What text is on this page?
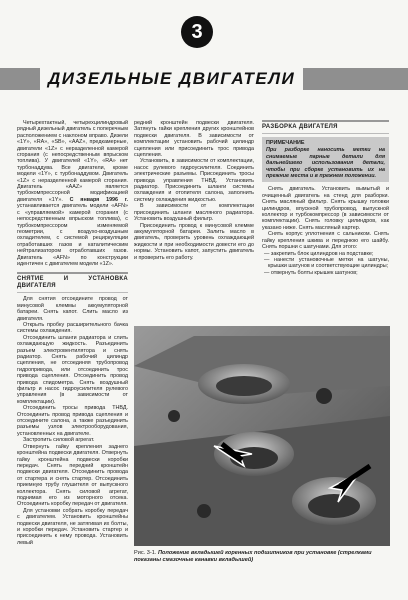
3
ДИЗЕЛЬНЫЕ ДВИГАТЕЛИ

Четырехтактный, четырехцилиндровый рядный дизельный двигатель с поперечным расположением с наклоном вправо. Дизели «1Y», «RA», «SB», «AAZ», предкамерные, двигатели «1Z» с неразделенной камерой сгорания (с непосредственным впрыском топлива). У двигателей «1Y», «RA» нет турбонаддува. Все двигатели, кроме модели «1Y», с турбонаддувом. Двигатель «1Z» с неразделенной камерой сгорания. Двигатель «AAZ» является турбокомпрессорной модификацией двигателя «1Y». С января 1996 г. устанавливается двигатель модели «AFN» с «управляемой» камерой сгорания (с непосредственным впрыском топлива), с турбокомпрессором изменяемой геометрии, с воздухо-воздушным охладителем, с системой рециркуляции отработавших газов и каталитическим нейтрализатором отработавших газов. Двигатель «AFN» по конструкции идентичен с двигателем модели «1Z».

СНЯТИЕ И УСТАНОВКА ДВИГАТЕЛЯ

Для снятия отсоедините провод от минусовой клеммы аккумуляторной батареи. Снять капот. Слить масло из двигателя.

Открыть пробку расширительного бачка системы охлаждения.

Отсоединить шланги радиатора и слить охлаждающую жидкость. Разъединить разъем электровентилятора и снять радиатор. Снять рабочий цилиндр сцепления, не отсоединяя трубопровод гидропривода, или отсоединить трос привода сцепления. Отсоединить провод привода спидометра. Снять воздушный фильтр и насос гидроусилителя рулевого управления (в зависимости от комплектации).

Отсоединить тросы привода ТНВД. Отсоединить провод привода сцепления и отсоедините салона, а также разъединить разъемы узлов электрооборудования, установленных на двигателе.

Застропить силовой агрегат.

Отвернуть гайку крепления заднего кронштейна подвески двигателя. Отвернуть гайку кронштейна подвески коробки передач. Снять передний кронштейн подвески двигателя. Отсоединить провода от стартера и снять стартер. Отсоединить приемную трубу глушителя от выпускного коллектора. Снять силовой агрегат, поднимая его из моторного отсека. Отсоединить коробку передач от двигателя.

Для установки собрать коробку передач с двигателем. Установить кронштейны подвески двигателя, не затягивая их болты, и коробки передач. Установить стартер и присоединить к нему провода. Установить левый

редний кронштейн подвески двигателя. Затянуть гайки крепления других кронштейнов подвески двигателя. В зависимости от комплектации установить рабочий цилиндр сцепления или присоединить трос привода сцепления.

Установить, в зависимости от комплектации, насос рулевого гидроусилителя. Соединить электрические разъемы. Присоединить тросы привода управления ТНВД. Установить радиатор. Присоединить шланги системы охлаждения и отопителя салона, заполнить систему охлаждения жидкостью.

В зависимости от комплектации присоединить шланги масляного радиатора. Установить воздушный фильтр.

Присоединить провод к минусовой клемме аккумуляторной батареи. Залить масло в двигатель, проверить уровень охлаждающей жидкости и при необходимости довести его до нормы. Установить капот, запустить двигатель и проверить его работу.

РАЗБОРКА ДВИГАТЕЛЯ
ПРИМЕЧАНИЕ
При разборке наносить метки на снимаемые парные детали для дальнейшего использования детали, чтобы при сборке установить их на прежние места и в прежнем положении.

Снять двигатель. Установить вымытый и очищенный двигатель на стенд для разборки. Снять масляный фильтр. Снять крышку головки цилиндров, впускной трубопровод, выпускной коллектор и турбокомпрессор (в зависимости от комплектации). Снять головку цилиндров, как указано ниже. Снять масляный картер.

Снять корпус уплотнения с сальником. Снять гайку крепления шкива и переднюю его шайбу. Снять поршни с шатунами. Для этого:

— закрепить блок цилиндров на подставке;
— нанести установочные метки на шатуны, крышки шатунов и соответствующие цилиндры;
— отвернуть болты крышек шатунов;
Рис. 3-1. Положение вкладышей коренных подшипников при установке (стрелками показаны смазочные канавки вкладышей)
